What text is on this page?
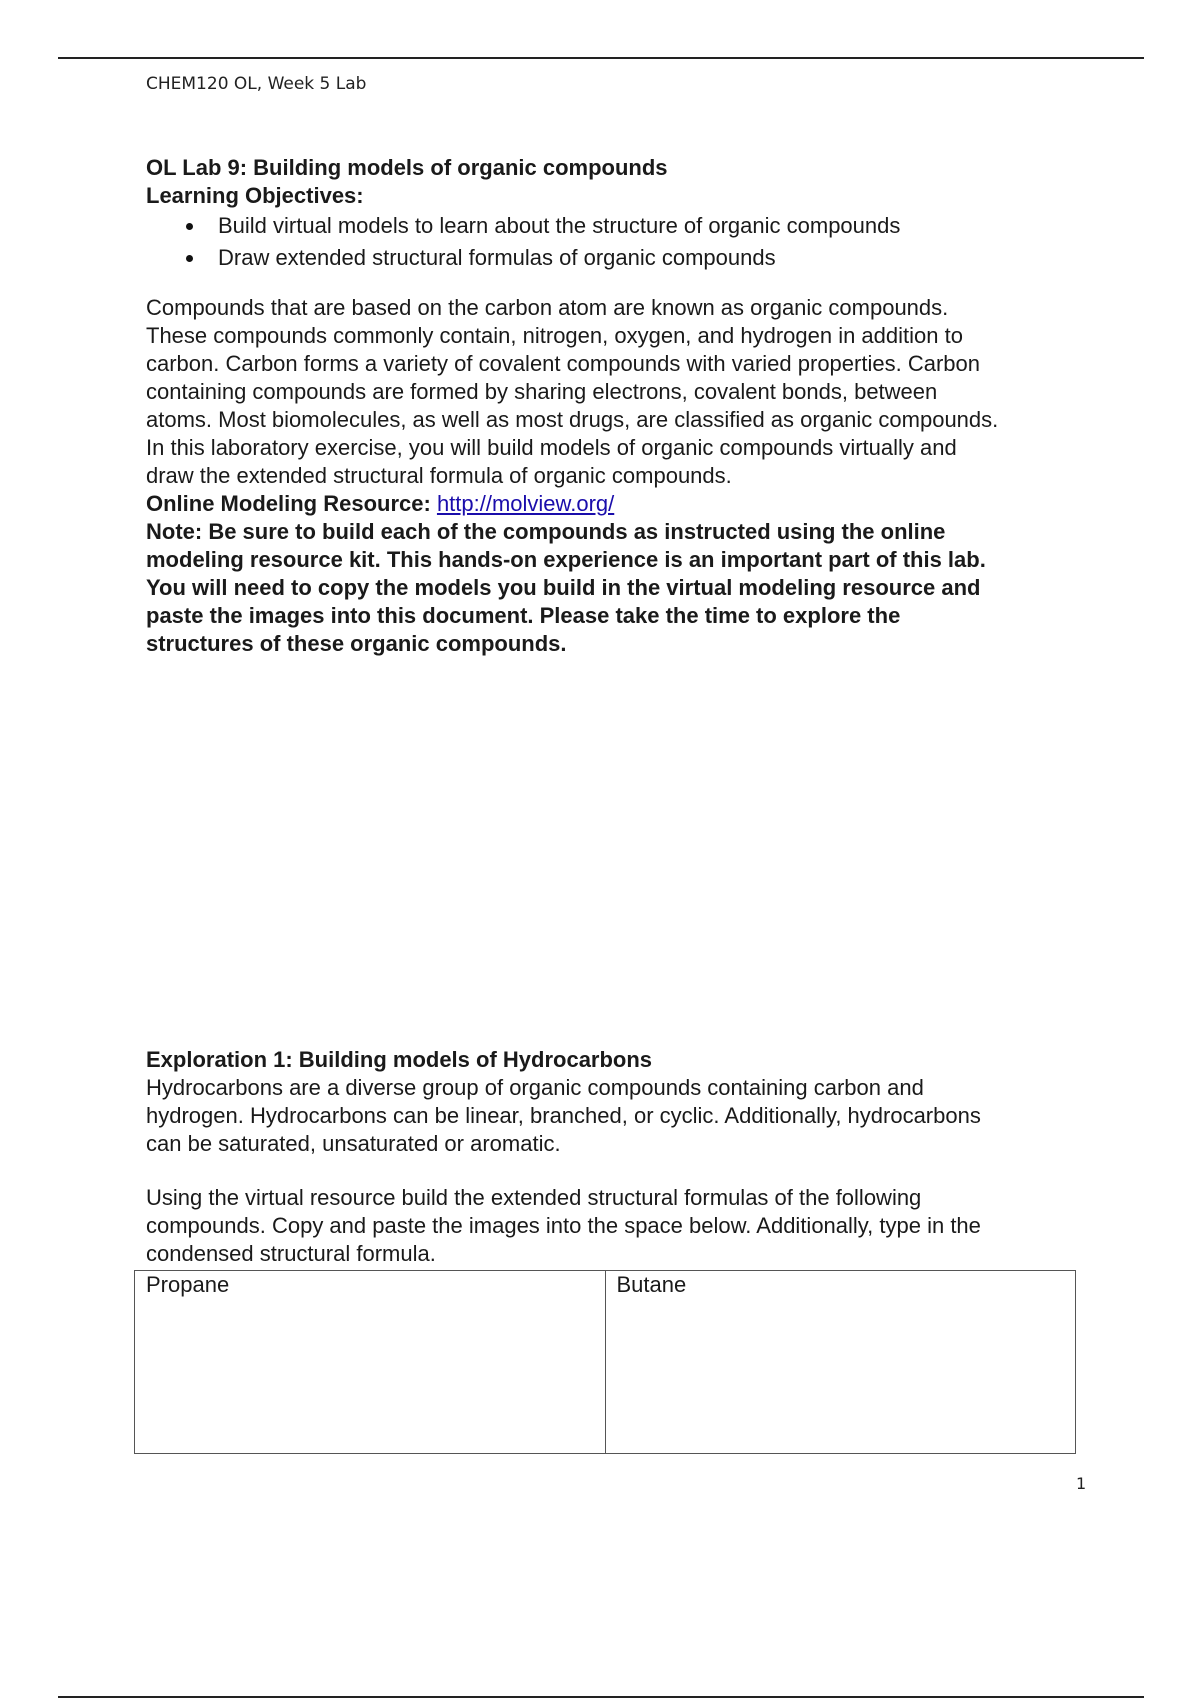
CHEM120 OL, Week 5 Lab
OL Lab 9: Building models of organic compounds
Learning Objectives:
Build virtual models to learn about the structure of organic compounds
Draw extended structural formulas of organic compounds
Compounds that are based on the carbon atom are known as organic compounds.
These compounds commonly contain, nitrogen, oxygen, and hydrogen in addition to
carbon. Carbon forms a variety of covalent compounds with varied properties. Carbon
containing compounds are formed by sharing electrons, covalent bonds, between
atoms. Most biomolecules, as well as most drugs, are classified as organic compounds.
In this laboratory exercise, you will build models of organic compounds virtually and
draw the extended structural formula of organic compounds.
Online Modeling Resource: http://molview.org/
Note: Be sure to build each of the compounds as instructed using the online
modeling resource kit. This hands-on experience is an important part of this lab.
You will need to copy the models you build in the virtual modeling resource and
paste the images into this document. Please take the time to explore the
structures of these organic compounds.
Exploration 1: Building models of Hydrocarbons
Hydrocarbons are a diverse group of organic compounds containing carbon and
hydrogen. Hydrocarbons can be linear, branched, or cyclic. Additionally, hydrocarbons
can be saturated, unsaturated or aromatic.
Using the virtual resource build the extended structural formulas of the following
compounds. Copy and paste the images into the space below. Additionally, type in the
condensed structural formula.
Propane	Butane
1
